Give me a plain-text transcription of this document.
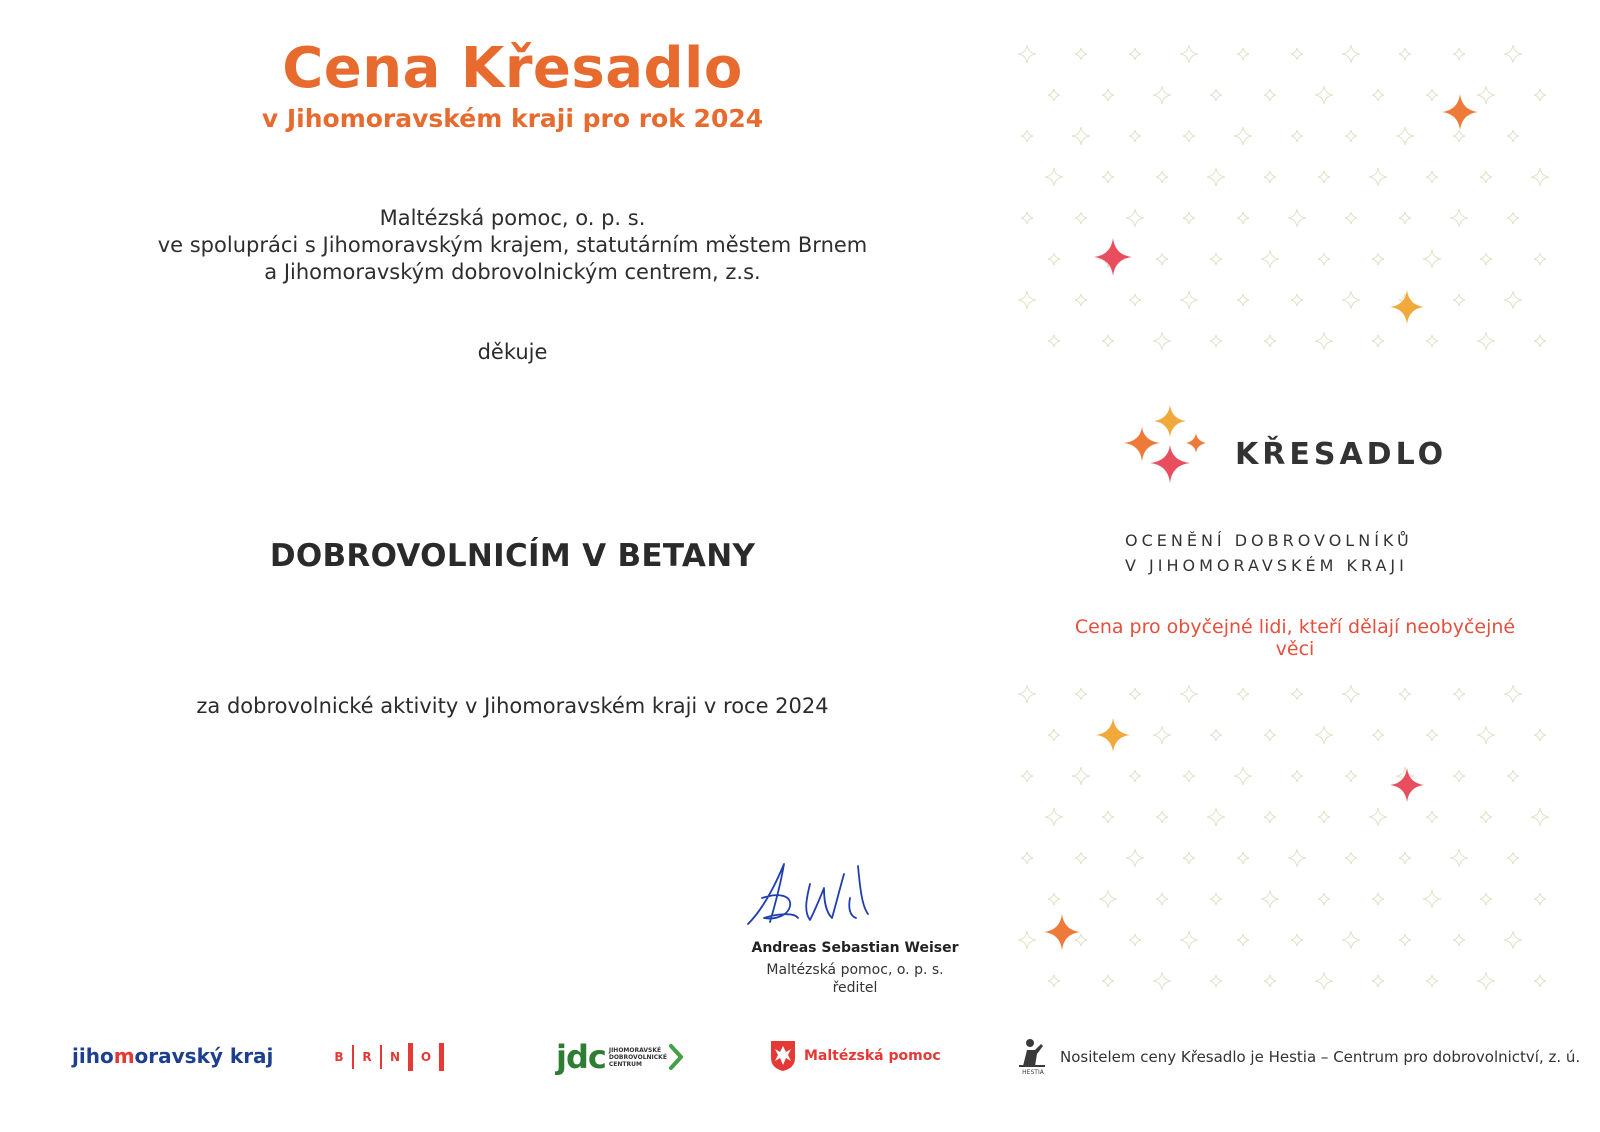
Cena Křesadlo
v Jihomoravském kraji pro rok 2024
Maltézská pomoc, o. p. s.
ve spolupráci s Jihomoravským krajem, statutárním městem Brnem
a Jihomoravským dobrovolnickým centrem, z.s.
děkuje
DOBROVOLNICÍM V BETANY
za dobrovolnické aktivity v Jihomoravském kraji v roce 2024
Andreas Sebastian Weiser
Maltézská pomoc, o. p. s.
ředitel
KŘESADLO
OCENĚNÍ DOBROVOLNÍKŮ
V JIHOMORAVSKÉM KRAJI
Cena pro obyčejné lidi, kteří dělají neobyčejné věci
jihomoravský kraj	B R N O	jdc JIHOMORAVSKÉ DOBROVOLNICKÉ CENTRUM	Maltézská pomoc
HESTIA
Nositelem ceny Křesadlo je Hestia – Centrum pro dobrovolnictví, z. ú.
